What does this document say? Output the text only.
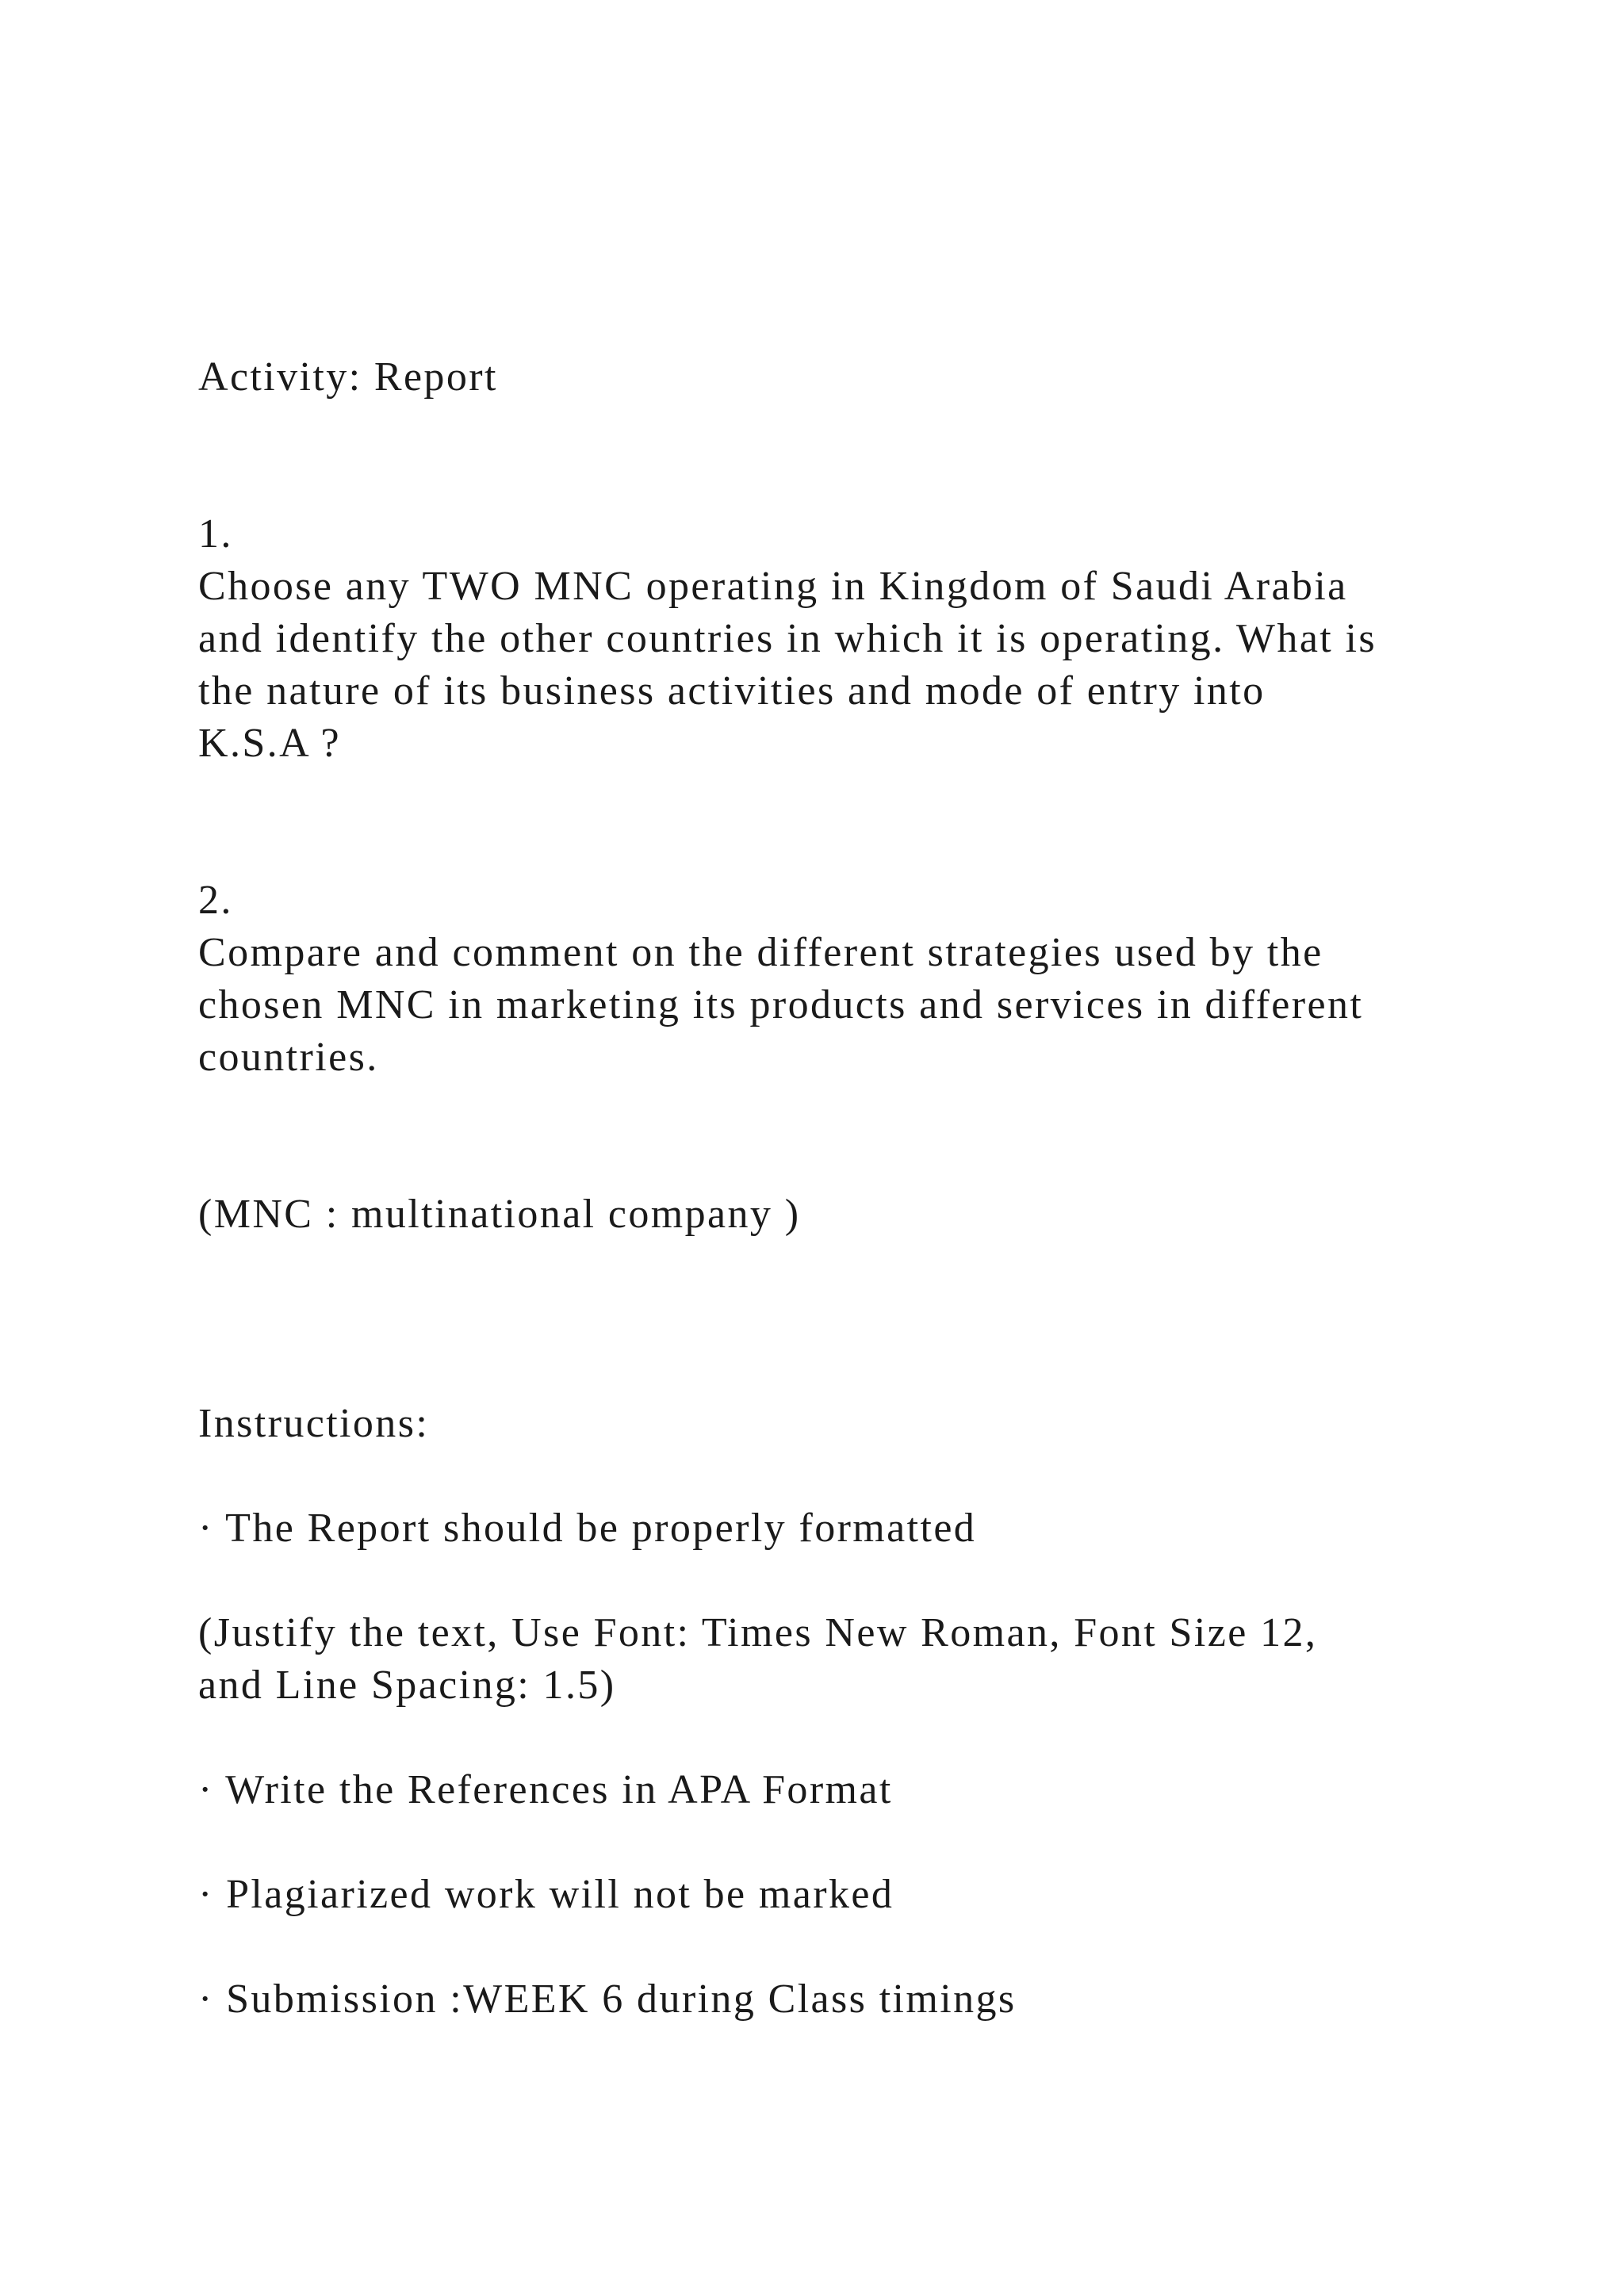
Activity: Report

1.

Choose any TWO MNC operating in Kingdom of Saudi Arabia

and identify the other countries in which it is operating. What is

the nature of its business activities and mode of entry into

K.S.A ?

2.

Compare and comment on the different strategies used by the

chosen MNC in marketing its products and services in different

countries.

(MNC : multinational company )

Instructions:

· The Report should be properly formatted

(Justify the text, Use Font: Times New Roman, Font Size 12,

and Line Spacing: 1.5)

· Write the References in APA Format

· Plagiarized work will not be marked

· Submission :WEEK 6 during Class timings
